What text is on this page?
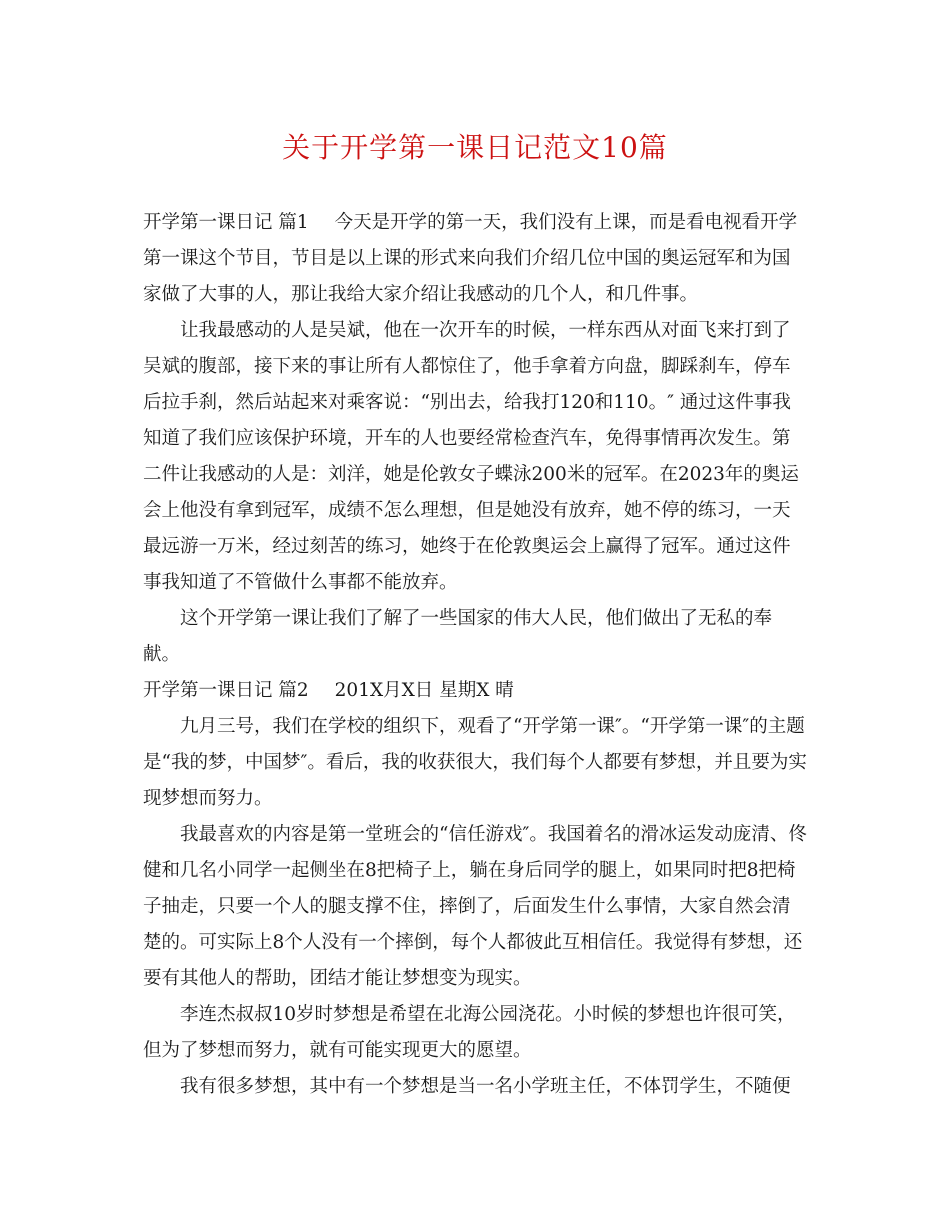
关于开学第一课日记范文10篇

开学第一课日记 篇1 今天是开学的第一天，我们没有上课，而是看电视看开学第一课这个节目，节目是以上课的形式来向我们介绍几位中国的奥运冠军和为国家做了大事的人，那让我给大家介绍让我感动的几个人，和几件事。

让我最感动的人是吴斌，他在一次开车的时候，一样东西从对面飞来打到了吴斌的腹部，接下来的事让所有人都惊住了，他手拿着方向盘，脚踩刹车，停车后拉手刹，然后站起来对乘客说：“别出去，给我打120和110。″ 通过这件事我知道了我们应该保护环境，开车的人也要经常检查汽车，免得事情再次发生。第二件让我感动的人是：刘洋，她是伦敦女子蝶泳200米的冠军。在2023年的奥运会上他没有拿到冠军，成绩不怎么理想，但是她没有放弃，她不停的练习，一天最远游一万米，经过刻苦的练习，她终于在伦敦奥运会上赢得了冠军。通过这件事我知道了不管做什么事都不能放弃。

这个开学第一课让我们了解了一些国家的伟大人民，他们做出了无私的奉献。

开学第一课日记 篇2 201X月X日 星期X 晴

九月三号，我们在学校的组织下，观看了“开学第一课″。“开学第一课″的主题是“我的梦，中国梦″。看后，我的收获很大，我们每个人都要有梦想，并且要为实现梦想而努力。

我最喜欢的内容是第一堂班会的“信任游戏″。我国着名的滑冰运发动庞清、佟健和几名小同学一起侧坐在8把椅子上，躺在身后同学的腿上，如果同时把8把椅子抽走，只要一个人的腿支撑不住，摔倒了，后面发生什么事情，大家自然会清楚的。可实际上8个人没有一个摔倒，每个人都彼此互相信任。我觉得有梦想，还要有其他人的帮助，团结才能让梦想变为现实。

李连杰叔叔10岁时梦想是希望在北海公园浇花。小时候的梦想也许很可笑，但为了梦想而努力，就有可能实现更大的愿望。

我有很多梦想，其中有一个梦想是当一名小学班主任，不体罚学生，不随便
